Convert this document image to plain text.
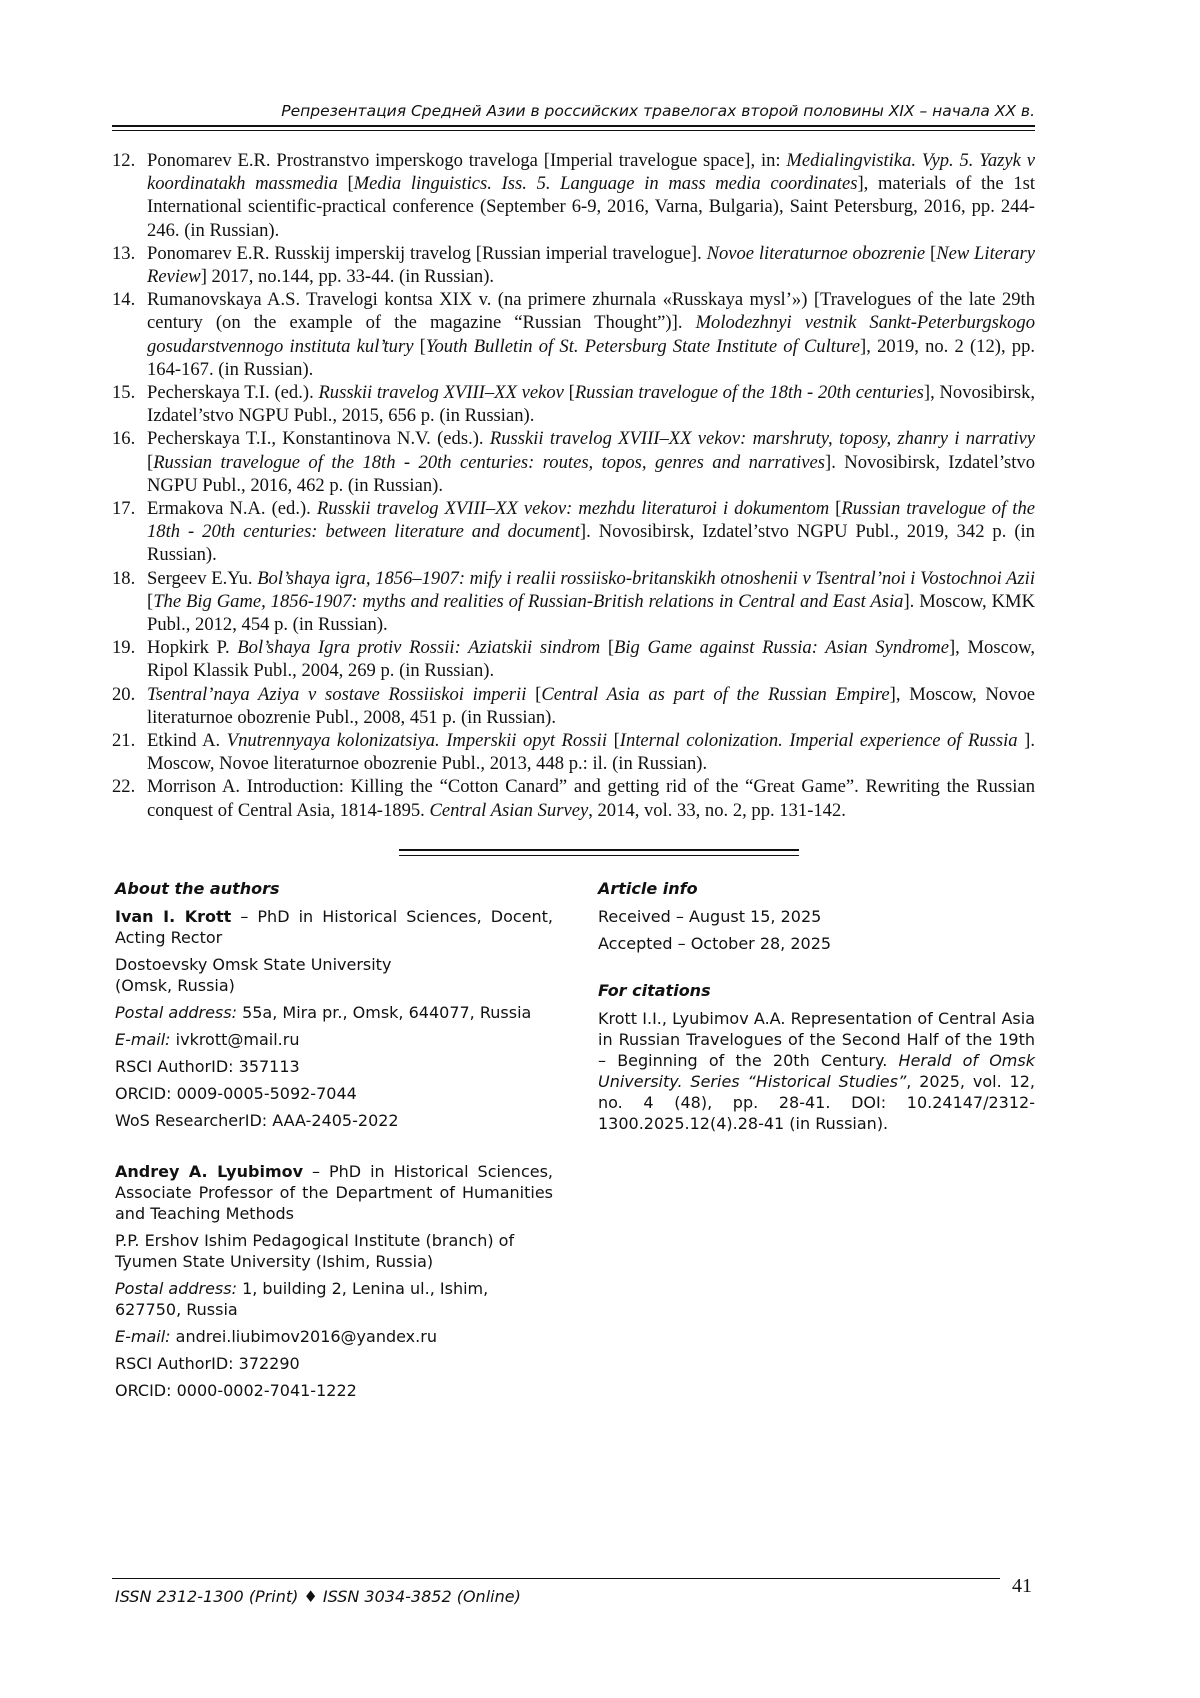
Репрезентация Средней Азии в российских травелогах второй половины XIX – начала XX в.
12. Ponomarev E.R. Prostranstvo imperskogo traveloga [Imperial travelogue space], in: Medialingvistika. Vyp. 5. Yazyk v koordinatakh massmedia [Media linguistics. Iss. 5. Language in mass media coordinates], materials of the 1st International scientific-practical conference (September 6-9, 2016, Varna, Bulgaria), Saint Petersburg, 2016, pp. 244-246. (in Russian).
13. Ponomarev E.R. Russkij imperskij travelog [Russian imperial travelogue]. Novoe literaturnoe obozrenie [New Literary Review] 2017, no.144, pp. 33-44. (in Russian).
14. Rumanovskaya A.S. Travelogi kontsa XIX v. (na primere zhurnala «Russkaya mysl’») [Travelogues of the late 29th century (on the example of the magazine “Russian Thought”)]. Molodezhnyi vestnik Sankt-Peterburgskogo gosudarstvennogo instituta kul’tury [Youth Bulletin of St. Petersburg State Institute of Culture], 2019, no. 2 (12), pp. 164-167. (in Russian).
15. Pecherskaya T.I. (ed.). Russkii travelog XVIII–XX vekov [Russian travelogue of the 18th - 20th centuries], Novosibirsk, Izdatel’stvo NGPU Publ., 2015, 656 p. (in Russian).
16. Pecherskaya T.I., Konstantinova N.V. (eds.). Russkii travelog XVIII–XX vekov: marshruty, toposy, zhanry i narrativy [Russian travelogue of the 18th - 20th centuries: routes, topos, genres and narratives]. Novosibirsk, Izdatel’stvo NGPU Publ., 2016, 462 p. (in Russian).
17. Ermakova N.A. (ed.). Russkii travelog XVIII–XX vekov: mezhdu literaturoi i dokumentom [Russian travelogue of the 18th - 20th centuries: between literature and document]. Novosibirsk, Izdatel’stvo NGPU Publ., 2019, 342 p. (in Russian).
18. Sergeev E.Yu. Bol’shaya igra, 1856–1907: mify i realii rossiisko-britanskikh otnoshenii v Tsentral’noi i Vostochnoi Azii [The Big Game, 1856-1907: myths and realities of Russian-British relations in Central and East Asia]. Moscow, KMK Publ., 2012, 454 p. (in Russian).
19. Hopkirk P. Bol’shaya Igra protiv Rossii: Aziatskii sindrom [Big Game against Russia: Asian Syndrome], Moscow, Ripol Klassik Publ., 2004, 269 p. (in Russian).
20. Tsentral’naya Aziya v sostave Rossiiskoi imperii [Central Asia as part of the Russian Empire], Moscow, Novoe literaturnoe obozrenie Publ., 2008, 451 p. (in Russian).
21. Etkind A. Vnutrennyaya kolonizatsiya. Imperskii opyt Rossii [Internal colonization. Imperial experience of Russia ]. Moscow, Novoe literaturnoe obozrenie Publ., 2013, 448 p.: il. (in Russian).
22. Morrison A. Introduction: Killing the “Cotton Canard” and getting rid of the “Great Game”. Rewriting the Russian conquest of Central Asia, 1814-1895. Central Asian Survey, 2014, vol. 33, no. 2, pp. 131-142.
About the authors
Ivan I. Krott – PhD in Historical Sciences, Docent, Acting Rector
Dostoevsky Omsk State University
(Omsk, Russia)
Postal address: 55a, Mira pr., Omsk, 644077, Russia
E-mail: ivkrott@mail.ru
RSCI AuthorID: 357113
ORCID: 0009-0005-5092-7044
WoS ResearcherID: AAA-2405-2022
Andrey A. Lyubimov – PhD in Historical Sciences, Associate Professor of the Department of Humanities and Teaching Methods
P.P. Ershov Ishim Pedagogical Institute (branch) of Tyumen State University (Ishim, Russia)
Postal address: 1, building 2, Lenina ul., Ishim, 627750, Russia
E-mail: andrei.liubimov2016@yandex.ru
RSCI AuthorID: 372290
ORCID: 0000-0002-7041-1222
Article info
Received – August 15, 2025
Accepted – October 28, 2025
For citations
Krott I.I., Lyubimov A.A. Representation of Central Asia in Russian Travelogues of the Second Half of the 19th – Beginning of the 20th Century. Herald of Omsk University. Series “Historical Studies”, 2025, vol. 12, no. 4 (48), pp. 28-41. DOI: 10.24147/2312-1300.2025.12(4).28-41 (in Russian).
ISSN 2312-1300 (Print) ♦ ISSN 3034-3852 (Online)	41
